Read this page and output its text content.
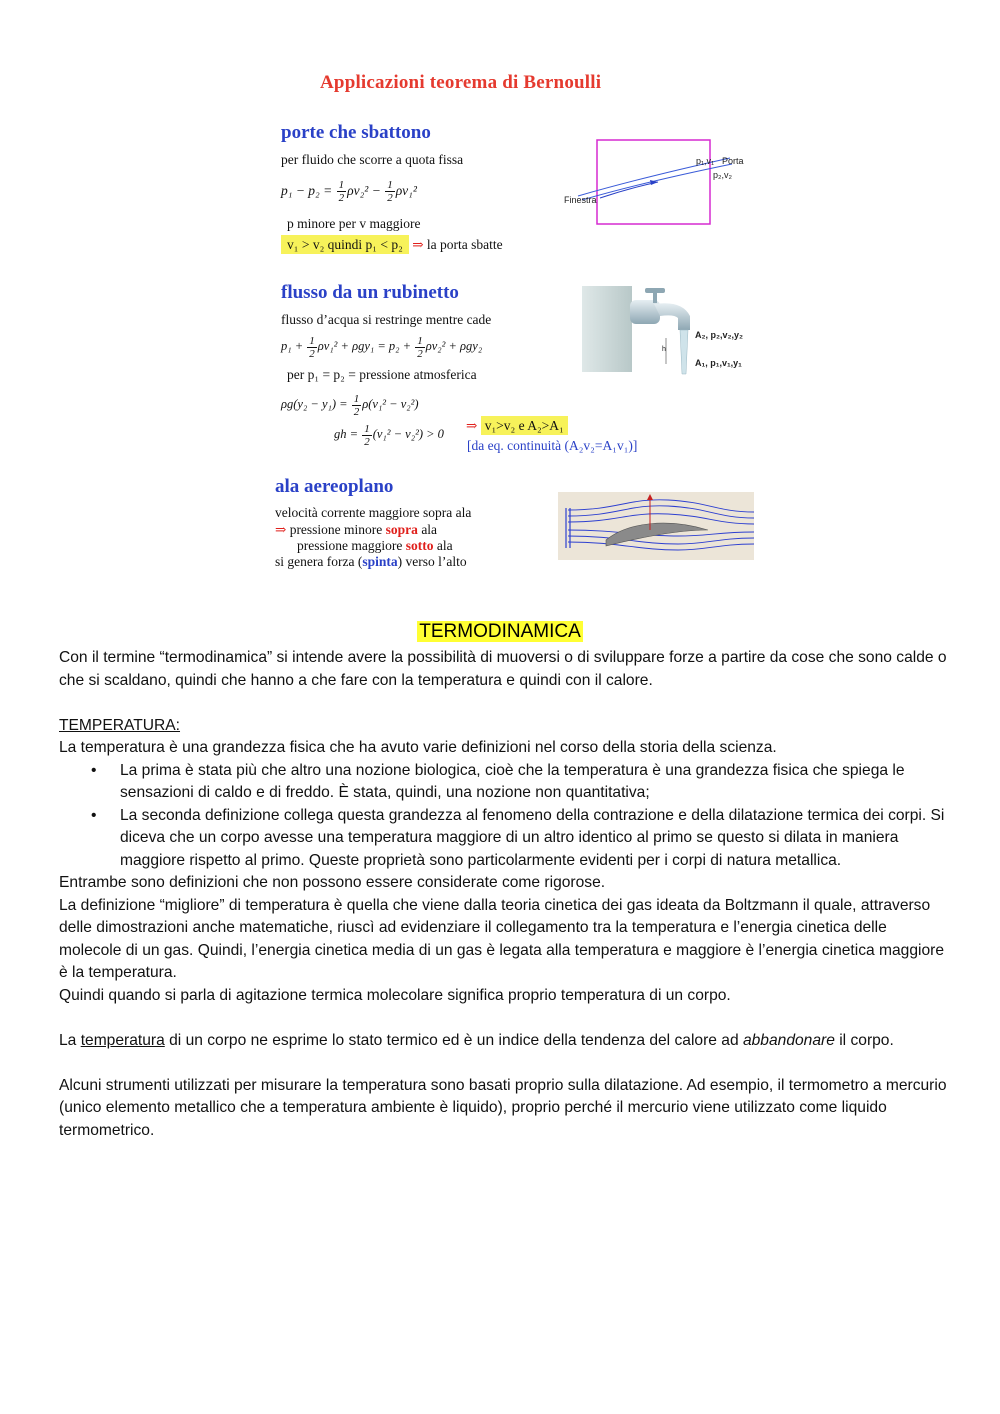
Applicazioni teorema di Bernoulli
porte che sbattono
per fluido che scorre a quota fissa
$p_1 - p_2 = \frac{1}{2} \rho v_2^2 - \frac{1}{2} \rho v_1^2$
p minore per v maggiore
v₁ > v₂ quindi p₁ < p₂ ⇒ la porta sbatte
p₁,v₁ Porta
p₂,v₂
Finestra
flusso da un rubinetto
flusso d’acqua si restringe mentre cade
$p_1 + \frac{1}{2} \rho v_1^2 + \rho gy_1 = p_2 + \frac{1}{2} \rho v_2^2 + \rho gy_2$
per p₁ = p₂ = pressione atmosferica
$\rho g(y_2 - y_1) = \frac{1}{2} \rho(v_1^2 - v_2^2)$
gh = $\frac{1}{2} (v_1^2 - v_2^2) > 0$
⇒ v₁>v₂ e A₂>A₁
[da eq. continuità (A₂v₂=A₁v₁)]
h
A₂, p₂,v₂,y₂
A₁, p₁,v₁,y₁
ala aereoplano
velocità corrente maggiore sopra ala
⇒ pressione minore sopra ala
pressione maggiore sotto ala
si genera forza (spinta) verso l’alto
TERMODINAMICA
Con il termine “termodinamica” si intende avere la possibilità di muoversi o di sviluppare forze a partire da cose che sono calde o che si scaldano, quindi che hanno a che fare con la temperatura e quindi con il calore.
TEMPERATURA:
La temperatura è una grandezza fisica che ha avuto varie definizioni nel corso della storia della scienza.
• La prima è stata più che altro una nozione biologica, cioè che la temperatura è una grandezza fisica che spiega le sensazioni di caldo e di freddo. È stata, quindi, una nozione non quantitativa;
• La seconda definizione collega questa grandezza al fenomeno della contrazione e della dilatazione termica dei corpi. Si diceva che un corpo avesse una temperatura maggiore di un altro identico al primo se questo si dilata in maniera maggiore rispetto al primo. Queste proprietà sono particolarmente evidenti per i corpi di natura metallica.
Entrambe sono definizioni che non possono essere considerate come rigorose.
La definizione “migliore” di temperatura è quella che viene dalla teoria cinetica dei gas ideata da Boltzmann il quale, attraverso delle dimostrazioni anche matematiche, riuscì ad evidenziare il collegamento tra la temperatura e l’energia cinetica delle molecole di un gas. Quindi, l’energia cinetica media di un gas è legata alla temperatura e maggiore è l’energia cinetica maggiore è la temperatura.
Quindi quando si parla di agitazione termica molecolare significa proprio temperatura di un corpo.
La temperatura di un corpo ne esprime lo stato termico ed è un indice della tendenza del calore ad abbandonare il corpo.
Alcuni strumenti utilizzati per misurare la temperatura sono basati proprio sulla dilatazione. Ad esempio, il termometro a mercurio (unico elemento metallico che a temperatura ambiente è liquido), proprio perché il mercurio viene utilizzato come liquido termometrico.
